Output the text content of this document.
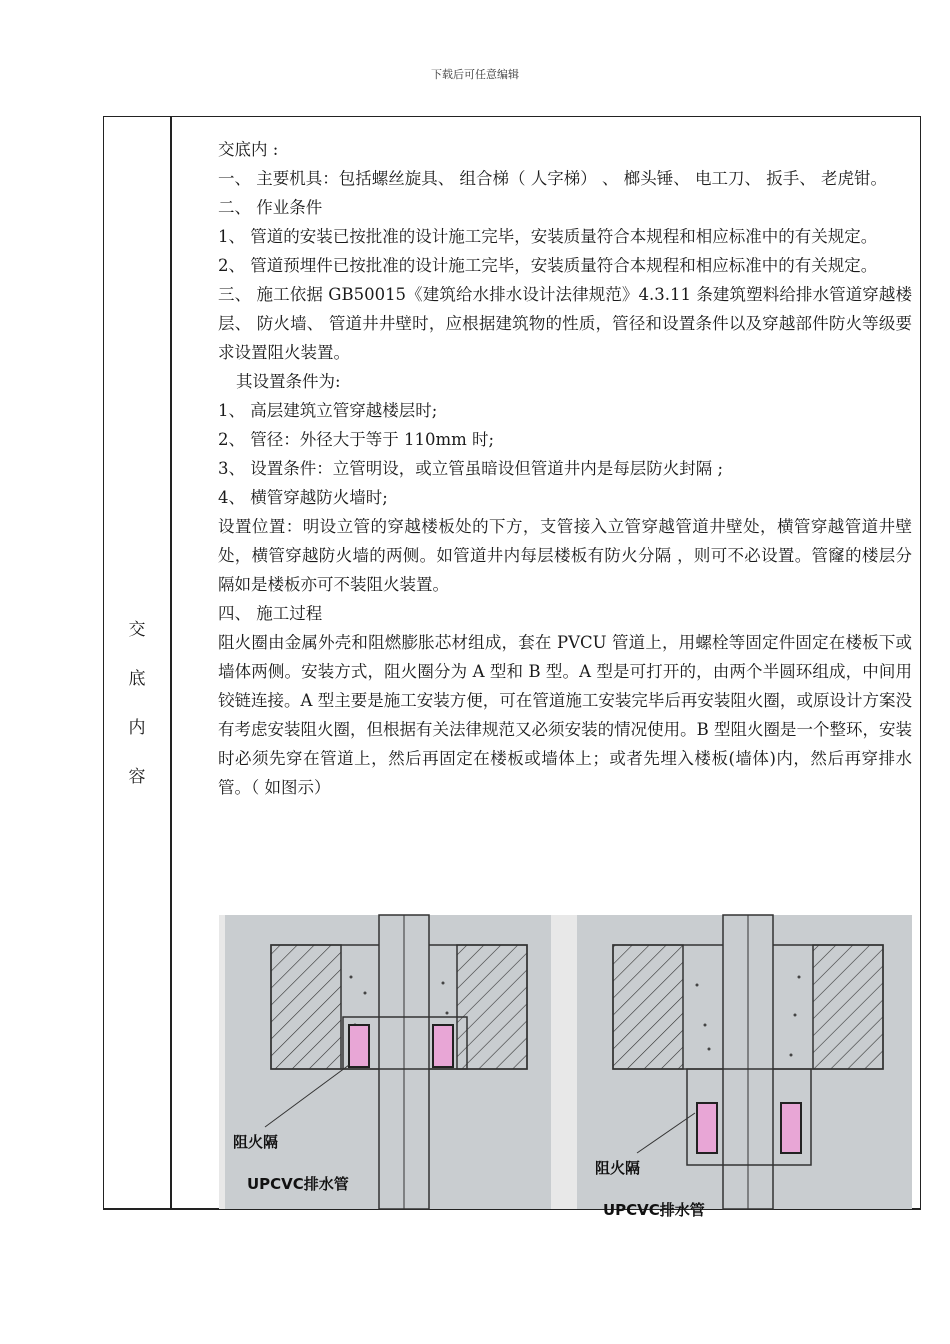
下载后可任意编辑
交
底
内
容

交底内 :

一、 主要机具：包括螺丝旋具、 组合梯（ 人字梯） 、 榔头锤、 电工刀、 扳手、 老虎钳。

二、 作业条件

1、 管道的安装已按批准的设计施工完毕，安装质量符合本规程和相应标准中的有关规定。

2、 管道预埋件已按批准的设计施工完毕，安装质量符合本规程和相应标准中的有关规定。

三、 施工依据 GB50015《建筑给水排水设计法律规范》4.3.11 条建筑塑料给排水管道穿越楼层、 防火墙、 管道井井壁时，应根据建筑物的性质，管径和设置条件以及穿越部件防火等级要求设置阻火装置。

其设置条件为:

1、 高层建筑立管穿越楼层时;

2、 管径：外径大于等于 110mm 时;

3、 设置条件：立管明设，或立管虽暗设但管道井内是每层防火封隔 ;

4、 横管穿越防火墙时;

设置位置：明设立管的穿越楼板处的下方，支管接入立管穿越管道井壁处，横管穿越管道井壁处，横管穿越防火墙的两侧。如管道井内每层楼板有防火分隔 ，则可不必设置。管窿的楼层分隔如是楼板亦可不装阻火装置。

四、 施工过程

阻火圈由金属外壳和阻燃膨胀芯材组成，套在 PVCU 管道上，用螺栓等固定件固定在楼板下或墙体两侧。安装方式，阻火圈分为 A 型和 B 型。A 型是可打开的，由两个半圆环组成，中间用铰链连接。A 型主要是施工安装方便，可在管道施工安装完毕后再安装阻火圈，或原设计方案没有考虑安装阻火圈，但根据有关法律规范又必须安装的情况使用。B 型阻火圈是一个整环，安装时必须先穿在管道上，然后再固定在楼板或墙体上；或者先埋入楼板(墙体)内，然后再穿排水管。（ 如图示）

阻火隔
UPCVC排水管
阻火隔
UPCVC排水管
